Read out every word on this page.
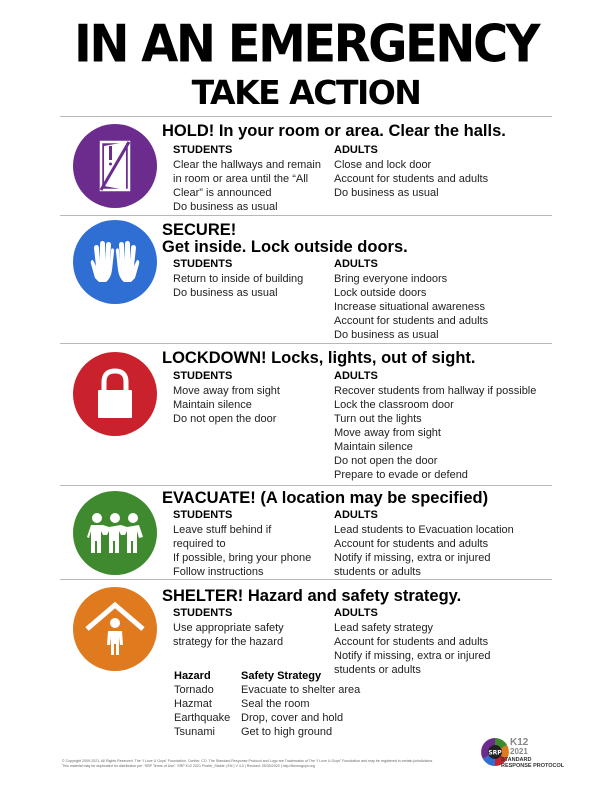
IN AN EMERGENCY
TAKE ACTION
HOLD! In your room or area. Clear the halls.
STUDENTS
Clear the hallways and remain in room or area until the “All Clear” is announced
Do business as usual
ADULTS
Close and lock door
Account for students and adults
Do business as usual
SECURE!
Get inside. Lock outside doors.
STUDENTS
Return to inside of building
Do business as usual
ADULTS
Bring everyone indoors
Lock outside doors
Increase situational awareness
Account for students and adults
Do business as usual
LOCKDOWN! Locks, lights, out of sight.
STUDENTS
Move away from sight
Maintain silence
Do not open the door
ADULTS
Recover students from hallway if possible
Lock the classroom door
Turn out the lights
Move away from sight
Maintain silence
Do not open the door
Prepare to evade or defend
EVACUATE! (A location may be specified)
STUDENTS
Leave stuff behind if required to
If possible, bring your phone
Follow instructions
ADULTS
Lead students to Evacuation location
Account for students and adults
Notify if missing, extra or injured students or adults
SHELTER! Hazard and safety strategy.
STUDENTS
Use appropriate safety strategy for the hazard
ADULTS
Lead safety strategy
Account for students and adults
Notify if missing, extra or injured students or adults
Hazard
Tornado
Hazmat
Earthquake
Tsunami
Safety Strategy
Evacuate to shelter area
Seal the room
Drop, cover and hold
Get to high ground
© Copyright 2009-2021, All Rights Reserved. The “I Love U Guys” Foundation. Conifer, CO. The Standard Response Protocol and Logo are Trademarks of The “I Love U Guys” Foundation and may be registered in certain jurisdictions.
This material may be duplicated for distribution per “SRP Terms of Use”. SRP K12 2021 Poster_Stable | EN | V 4.0 | Revised: 05/30/2020 | http://iloveuguys.org
SRP
K12
2021
STANDARD
RESPONSE PROTOCOL
